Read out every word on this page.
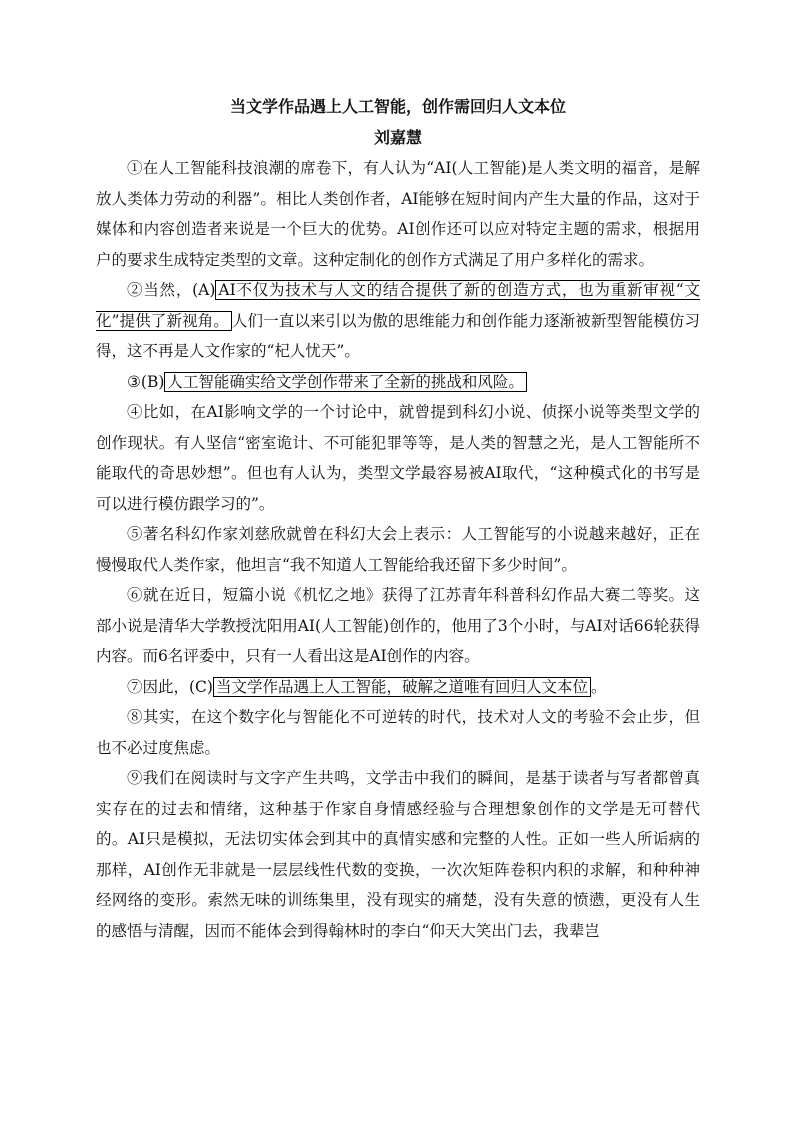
当文学作品遇上人工智能，创作需回归人文本位
刘嘉慧

①在人工智能科技浪潮的席卷下，有人认为“AI(人工智能)是人类文明的福音，是解放人类体力劳动的利器”。相比人类创作者，AI能够在短时间内产生大量的作品，这对于媒体和内容创造者来说是一个巨大的优势。AI创作还可以应对特定主题的需求，根据用户的要求生成特定类型的文章。这种定制化的创作方式满足了用户多样化的需求。

②当然，(A) AI不仅为技术与人文的结合提供了新的创造方式，也为重新审视“文化”提供了新视角。 人们一直以来引以为傲的思维能力和创作能力逐渐被新型智能模仿习得，这不再是人文作家的“杞人忧天”。

③(B) 人工智能确实给文学创作带来了全新的挑战和风险。

④比如，在AI影响文学的一个讨论中，就曾提到科幻小说、侦探小说等类型文学的创作现状。有人坚信“密室诡计、不可能犯罪等等，是人类的智慧之光，是人工智能所不能取代的奇思妙想”。但也有人认为，类型文学最容易被AI取代，“这种模式化的书写是可以进行模仿跟学习的”。

⑤著名科幻作家刘慈欣就曾在科幻大会上表示：人工智能写的小说越来越好，正在慢慢取代人类作家，他坦言“我不知道人工智能给我还留下多少时间”。

⑥就在近日，短篇小说《机忆之地》获得了江苏青年科普科幻作品大赛二等奖。这部小说是清华大学教授沈阳用AI(人工智能)创作的，他用了3个小时，与AI对话66轮获得内容。而6名评委中，只有一人看出这是AI创作的内容。

⑦因此，(C) 当文学作品遇上人工智能，破解之道唯有回归人文本位 。

⑧其实，在这个数字化与智能化不可逆转的时代，技术对人文的考验不会止步，但也不必过度焦虑。

⑨我们在阅读时与文字产生共鸣，文学击中我们的瞬间，是基于读者与写者都曾真实存在的过去和情绪，这种基于作家自身情感经验与合理想象创作的文学是无可替代的。AI只是模拟，无法切实体会到其中的真情实感和完整的人性。正如一些人所诟病的那样，AI创作无非就是一层层线性代数的变换，一次次矩阵卷积内积的求解，和种种神经网络的变形。索然无味的训练集里，没有现实的痛楚，没有失意的愤懑，更没有人生的感悟与清醒，因而不能体会到得翰林时的李白“仰天大笑出门去，我辈岂
